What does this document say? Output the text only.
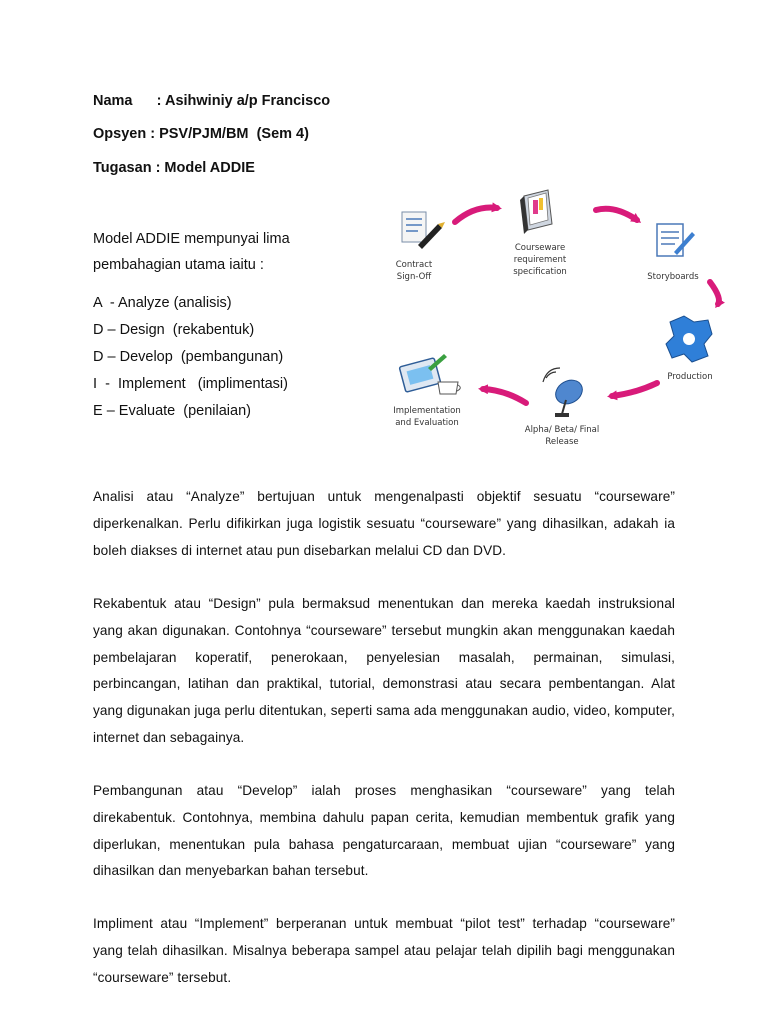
Nama      : Asihwiniy a/p Francisco
Opsyen : PSV/PJM/BM  (Sem 4)
Tugasan : Model ADDIE
Model ADDIE mempunyai lima
pembahagian utama iaitu :
A  - Analyze (analisis)
D – Design  (rekabentuk)
D – Develop  (pembangunan)
I  -  Implement   (implimentasi)
E – Evaluate  (penilaian)
Contract
Sign-Off
Courseware
requirement
specification	Storyboards
Production
Alpha/ Beta/ Final
Release
Implementation
and Evaluation
Analisi atau “Analyze” bertujuan untuk mengenalpasti objektif sesuatu “courseware” diperkenalkan. Perlu difikirkan juga logistik sesuatu “courseware” yang dihasilkan, adakah ia boleh diakses di internet atau pun disebarkan melalui CD dan DVD.
Rekabentuk atau “Design” pula bermaksud menentukan dan mereka kaedah instruksional yang akan digunakan. Contohnya “courseware” tersebut mungkin akan menggunakan kaedah pembelajaran koperatif, penerokaan, penyelesian masalah, permainan, simulasi, perbincangan, latihan dan praktikal, tutorial, demonstrasi atau secara pembentangan. Alat yang digunakan juga perlu ditentukan, seperti sama ada menggunakan audio, video, komputer, internet dan sebagainya.
Pembangunan atau “Develop” ialah proses menghasikan “courseware” yang telah direkabentuk. Contohnya, membina dahulu papan cerita, kemudian membentuk grafik yang diperlukan, menentukan pula bahasa pengaturcaraan, membuat ujian “courseware” yang dihasilkan dan menyebarkan bahan tersebut.
Impliment atau “Implement” berperanan untuk membuat “pilot test” terhadap “courseware” yang telah dihasilkan. Misalnya beberapa sampel atau pelajar telah dipilih bagi menggunakan “courseware” tersebut.
